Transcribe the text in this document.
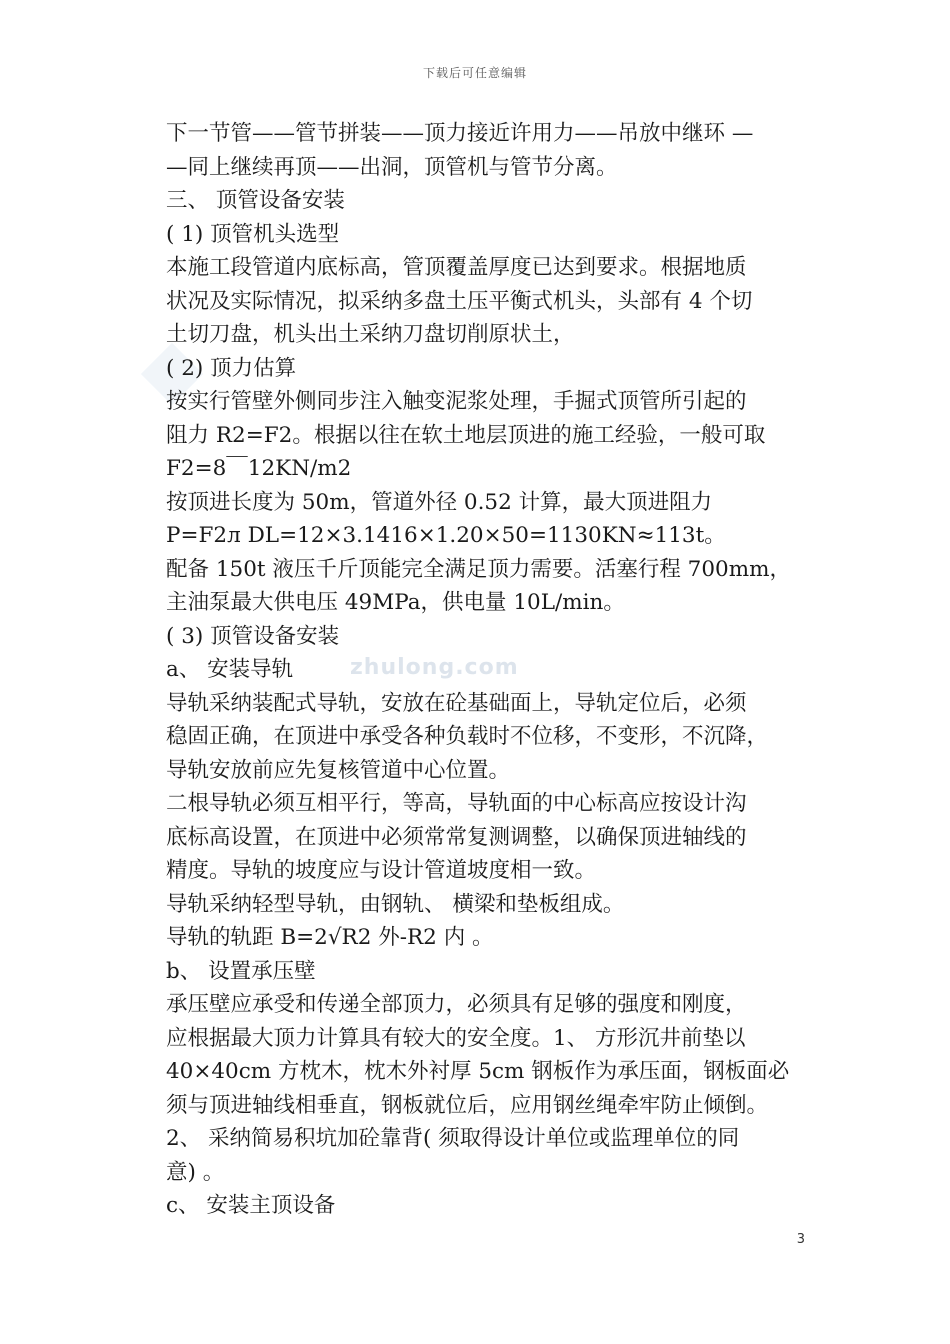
下载后可任意编辑
zhulong.com
下一节管——管节拼装——顶力接近许用力——吊放中继环 —
—同上继续再顶——出洞，顶管机与管节分离。
三、 顶管设备安装
( 1) 顶管机头选型
本施工段管道内底标高，管顶覆盖厚度已达到要求。根据地质
状况及实际情况，拟采纳多盘土压平衡式机头，头部有 4 个切
土切刀盘，机头出土采纳刀盘切削原状土，
( 2) 顶力估算
按实行管壁外侧同步注入触变泥浆处理，手掘式顶管所引起的
阻力 R2=F2。根据以往在软土地层顶进的施工经验，一般可取
F2=8￣12KN/m2
按顶进长度为 50m，管道外径 0.52 计算，最大顶进阻力
P=F2л DL=12×3.1416×1.20×50=1130KN≈113t。
配备 150t 液压千斤顶能完全满足顶力需要。活塞行程 700mm，
主油泵最大供电压 49MPa，供电量 10L/min。
( 3) 顶管设备安装
a、 安装导轨
导轨采纳装配式导轨，安放在砼基础面上，导轨定位后，必须
稳固正确，在顶进中承受各种负载时不位移，不变形，不沉降，
导轨安放前应先复核管道中心位置。
二根导轨必须互相平行，等高，导轨面的中心标高应按设计沟
底标高设置，在顶进中必须常常复测调整，以确保顶进轴线的
精度。导轨的坡度应与设计管道坡度相一致。
导轨采纳轻型导轨，由钢轨、 横梁和垫板组成。
导轨的轨距 B=2√R2 外-R2 内 。
b、 设置承压壁
承压壁应承受和传递全部顶力，必须具有足够的强度和刚度，
应根据最大顶力计算具有较大的安全度。1、 方形沉井前垫以
40×40cm 方枕木，枕木外衬厚 5cm 钢板作为承压面，钢板面必
须与顶进轴线相垂直，钢板就位后，应用钢丝绳牵牢防止倾倒。
2、 采纳简易积坑加砼靠背( 须取得设计单位或监理单位的同
意) 。
c、 安装主顶设备
3
